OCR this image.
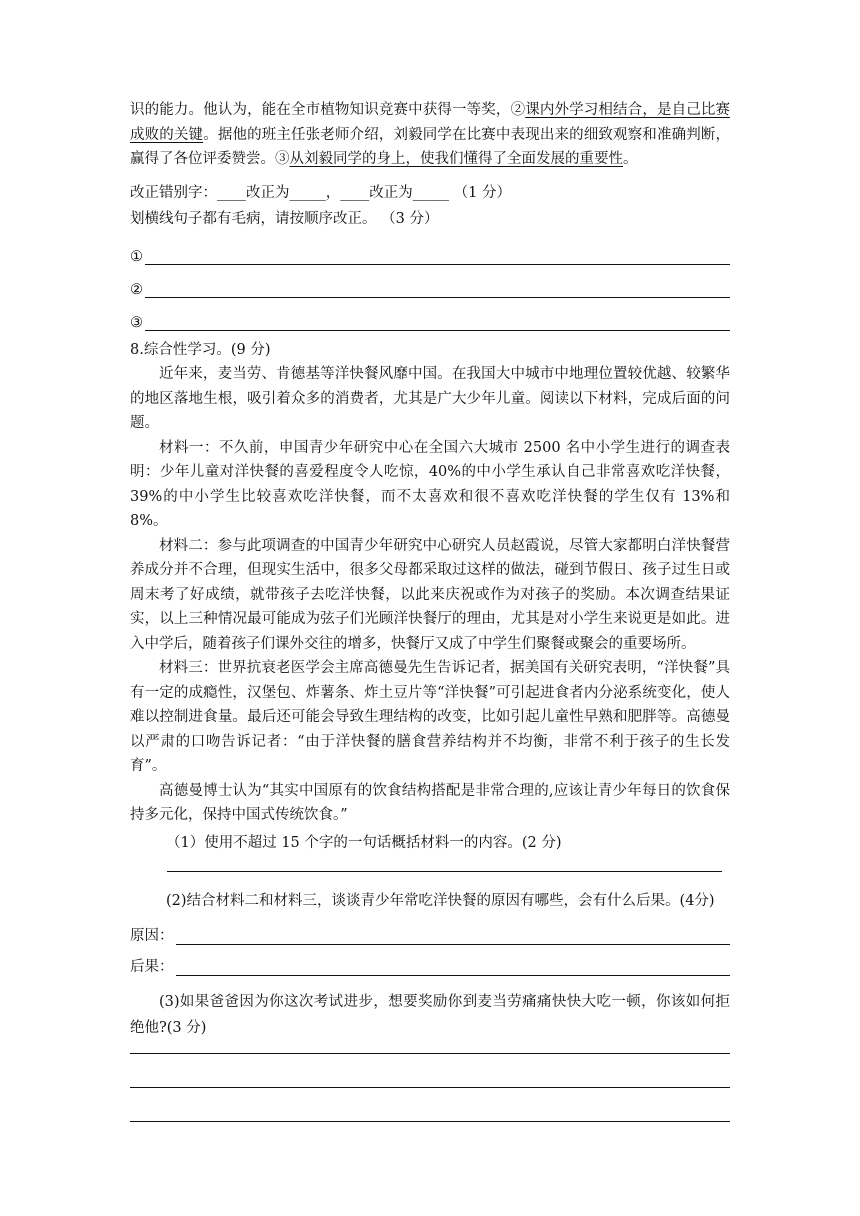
识的能力。他认为，能在全市植物知识竞赛中获得一等奖，②课内外学习相结合，是自己比赛成败的关键。据他的班主任张老师介绍，刘毅同学在比赛中表现出来的细致观察和准确判断，赢得了各位评委赞尝。③从刘毅同学的身上，使我们懂得了全面发展的重要性。

改正错别字：____改正为_____，____改正为_____ （1 分）

划横线句子都有毛病，请按顺序改正。 （3 分）

①
②
③

8.综合性学习。(9 分)

近年来，麦当劳、肯德基等洋快餐风靡中国。在我国大中城市中地理位置较优越、较繁华的地区落地生根，吸引着众多的消费者，尤其是广大少年儿童。阅读以下材料，完成后面的问题。

材料一：不久前，申国青少年研究中心在全国六大城市 2500 名中小学生进行的调查表明：少年儿童对洋快餐的喜爱程度令人吃惊，40%的中小学生承认自己非常喜欢吃洋快餐，39%的中小学生比较喜欢吃洋快餐，而不太喜欢和很不喜欢吃洋快餐的学生仅有 13%和 8%。

材料二：参与此项调查的中国青少年研究中心研究人员赵霞说，尽管大家都明白洋快餐营养成分并不合理，但现实生活中，很多父母都采取过这样的做法，碰到节假日、孩子过生日或周末考了好成绩，就带孩子去吃洋快餐，以此来庆祝或作为对孩子的奖励。本次调查结果证实，以上三种情况最可能成为弦子们光顾洋快餐厅的理由，尤其是对小学生来说更是如此。进入中学后，随着孩子们课外交往的增多，快餐厅又成了中学生们聚餐或聚会的重要场所。

材料三：世界抗衰老医学会主席高德曼先生告诉记者，据美国有关研究表明，“洋快餐”具有一定的成瘾性，汉堡包、炸薯条、炸土豆片等“洋快餐”可引起进食者内分泌系统变化，使人难以控制进食量。最后还可能会导致生理结构的改变，比如引起儿童性早熟和肥胖等。高德曼以严肃的口吻告诉记者：“由于洋快餐的膳食营养结构并不均衡，非常不利于孩子的生长发育”。

高德曼博士认为“其实中国原有的饮食结构搭配是非常合理的,应该让青少年每日的饮食保持多元化，保持中国式传统饮食。”

（1）使用不超过 15 个字的一句话概括材料一的内容。(2 分)

(2)结合材料二和材料三，谈谈青少年常吃洋快餐的原因有哪些，会有什么后果。(4分)

原因：
后果：

(3)如果爸爸因为你这次考试进步，想要奖励你到麦当劳痛痛快快大吃一顿，你该如何拒绝他?(3 分)
